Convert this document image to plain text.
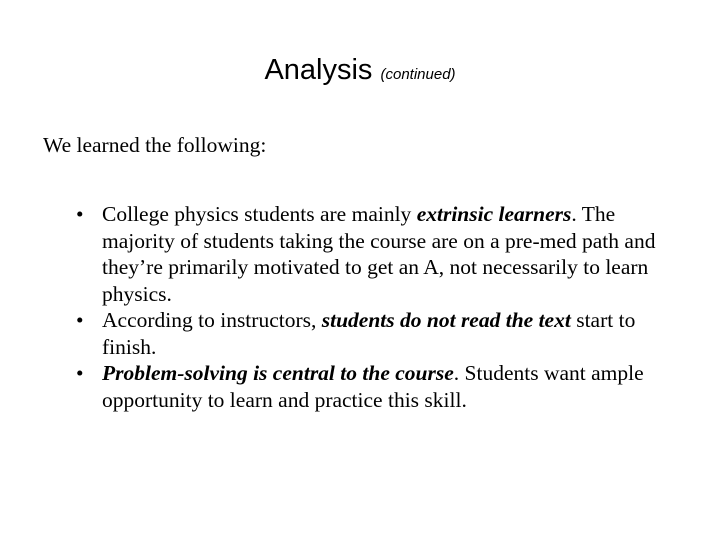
Analysis (continued)
We learned the following:
• College physics students are mainly extrinsic learners. The majority of students taking the course are on a pre-med path and they’re primarily motivated to get an A, not necessarily to learn physics.
• According to instructors, students do not read the text start to finish.
• Problem-solving is central to the course. Students want ample opportunity to learn and practice this skill.
